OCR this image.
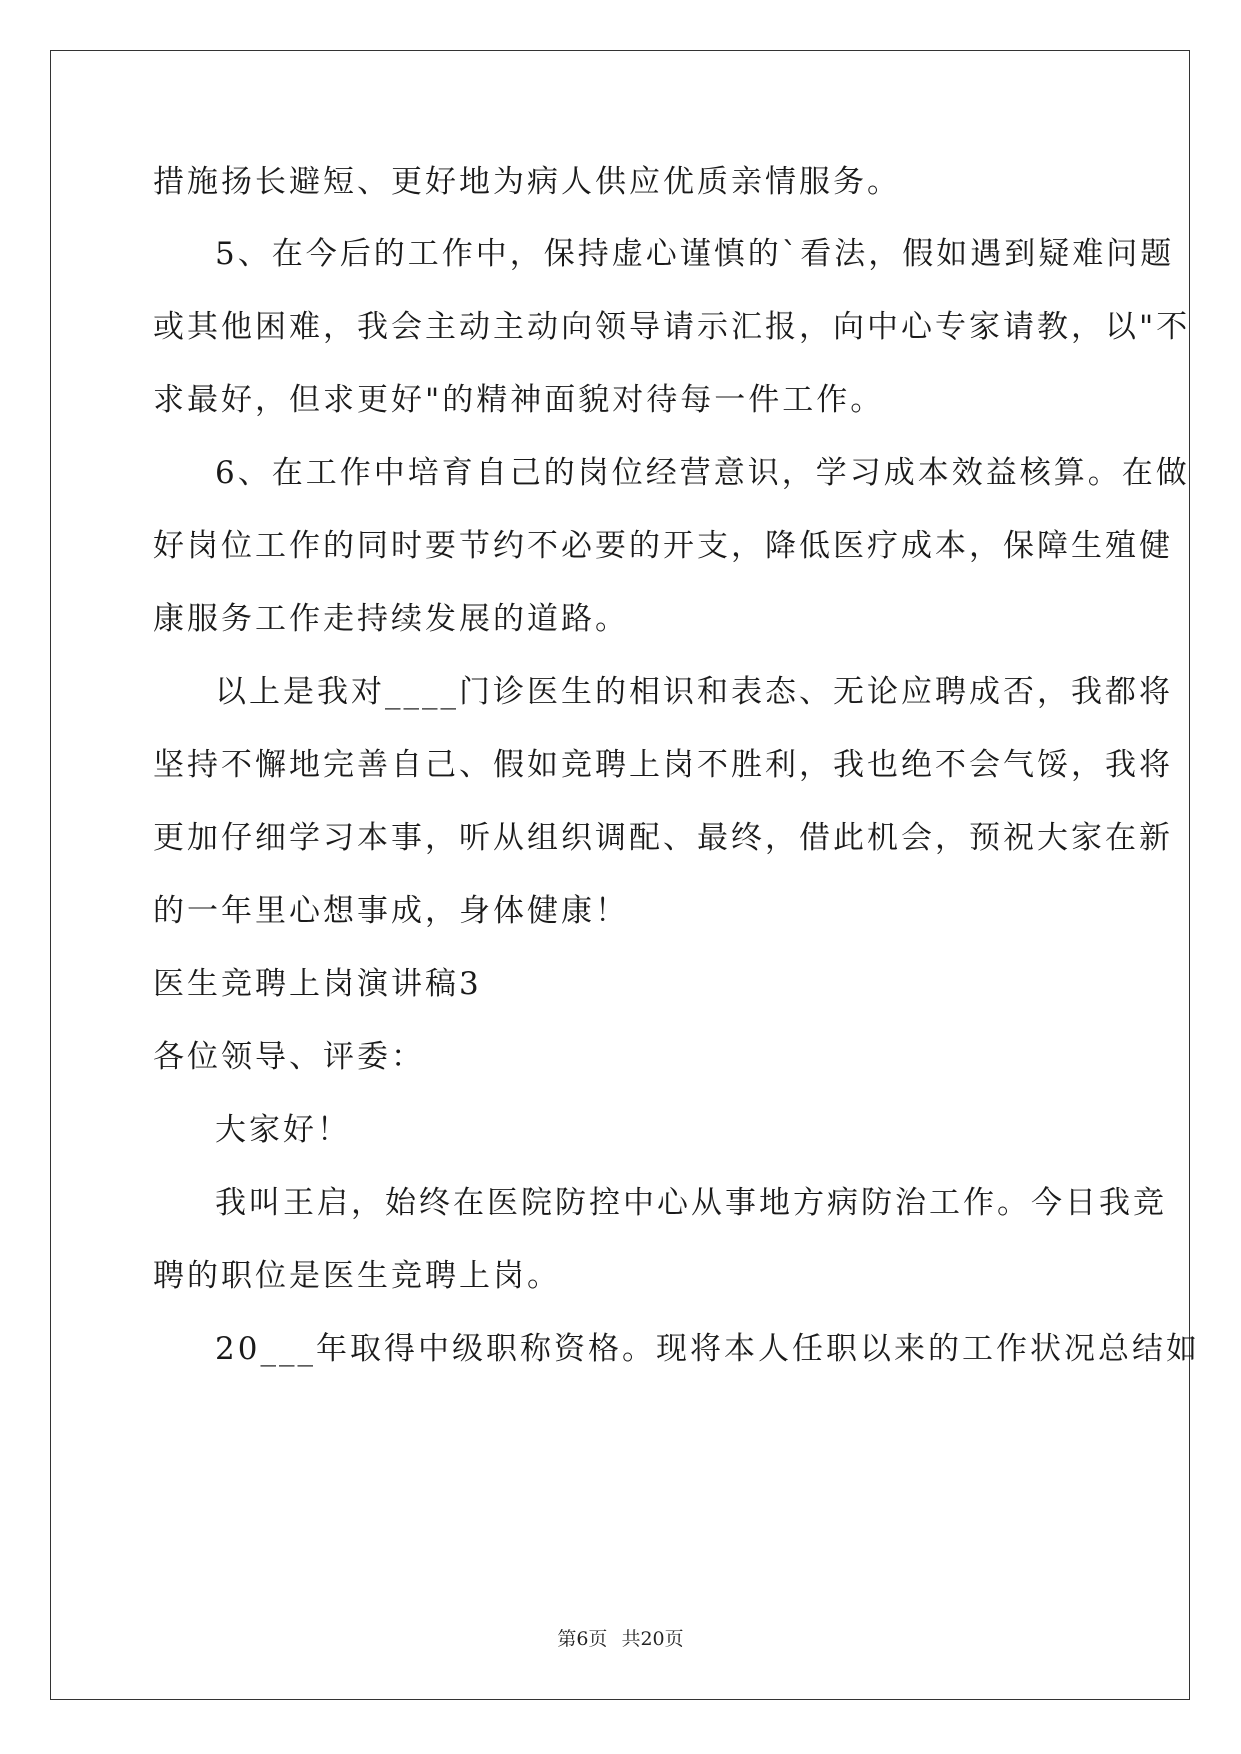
措施扬长避短、更好地为病人供应优质亲情服务。
5、在今后的工作中，保持虚心谨慎的`看法，假如遇到疑难问题
或其他困难，我会主动主动向领导请示汇报，向中心专家请教，以"不
求最好，但求更好"的精神面貌对待每一件工作。
6、在工作中培育自己的岗位经营意识，学习成本效益核算。在做
好岗位工作的同时要节约不必要的开支，降低医疗成本，保障生殖健
康服务工作走持续发展的道路。
以上是我对____门诊医生的相识和表态、无论应聘成否，我都将
坚持不懈地完善自己、假如竞聘上岗不胜利，我也绝不会气馁，我将
更加仔细学习本事，听从组织调配、最终，借此机会，预祝大家在新
的一年里心想事成，身体健康！
医生竞聘上岗演讲稿3
各位领导、评委：
大家好！
我叫王启，始终在医院防控中心从事地方病防治工作。今日我竞
聘的职位是医生竞聘上岗。
20___年取得中级职称资格。现将本人任职以来的工作状况总结如
第6页 共20页
